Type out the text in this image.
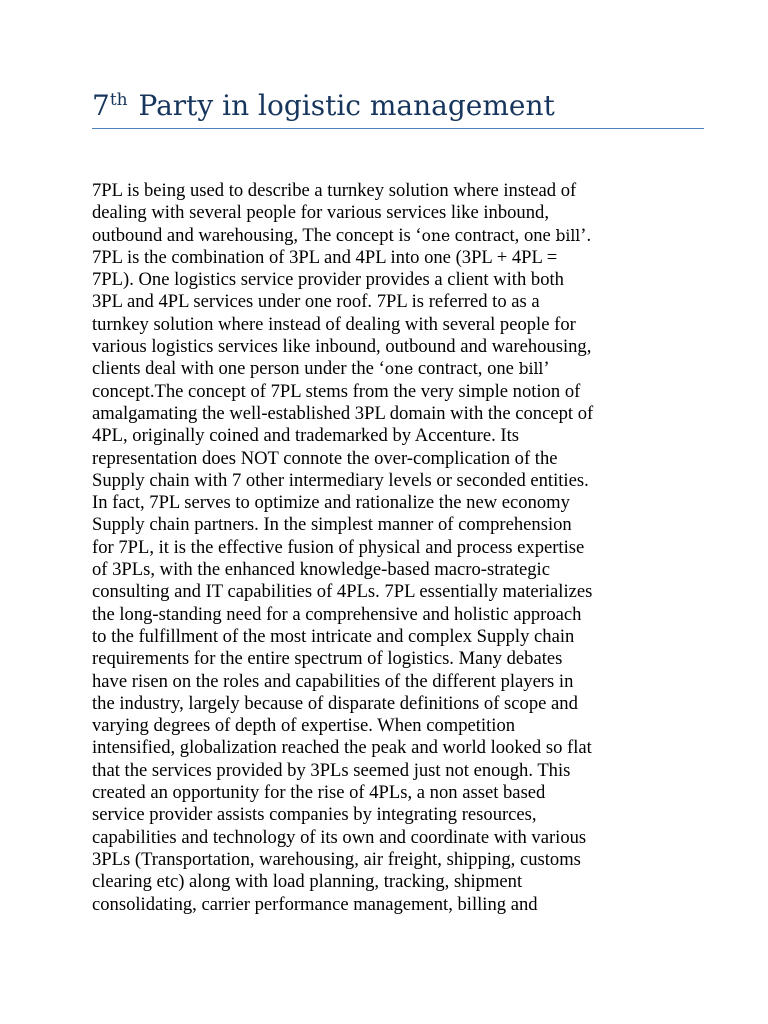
7th Party in logistic management
7PL is being used to describe a turnkey solution where instead of
dealing with several people for various services like inbound,
outbound and warehousing, The concept is ‘one contract, one bill’.
7PL is the combination of 3PL and 4PL into one (3PL + 4PL =
7PL). One logistics service provider provides a client with both
3PL and 4PL services under one roof. 7PL is referred to as a
turnkey solution where instead of dealing with several people for
various logistics services like inbound, outbound and warehousing,
clients deal with one person under the ‘one contract, one bill’
concept.The concept of 7PL stems from the very simple notion of
amalgamating the well-established 3PL domain with the concept of
4PL, originally coined and trademarked by Accenture. Its
representation does NOT connote the over-complication of the
Supply chain with 7 other intermediary levels or seconded entities.
In fact, 7PL serves to optimize and rationalize the new economy
Supply chain partners. In the simplest manner of comprehension
for 7PL, it is the effective fusion of physical and process expertise
of 3PLs, with the enhanced knowledge-based macro-strategic
consulting and IT capabilities of 4PLs. 7PL essentially materializes
the long-standing need for a comprehensive and holistic approach
to the fulfillment of the most intricate and complex Supply chain
requirements for the entire spectrum of logistics. Many debates
have risen on the roles and capabilities of the different players in
the industry, largely because of disparate definitions of scope and
varying degrees of depth of expertise. When competition
intensified, globalization reached the peak and world looked so flat
that the services provided by 3PLs seemed just not enough. This
created an opportunity for the rise of 4PLs, a non asset based
service provider assists companies by integrating resources,
capabilities and technology of its own and coordinate with various
3PLs (Transportation, warehousing, air freight, shipping, customs
clearing etc) along with load planning, tracking, shipment
consolidating, carrier performance management, billing and
